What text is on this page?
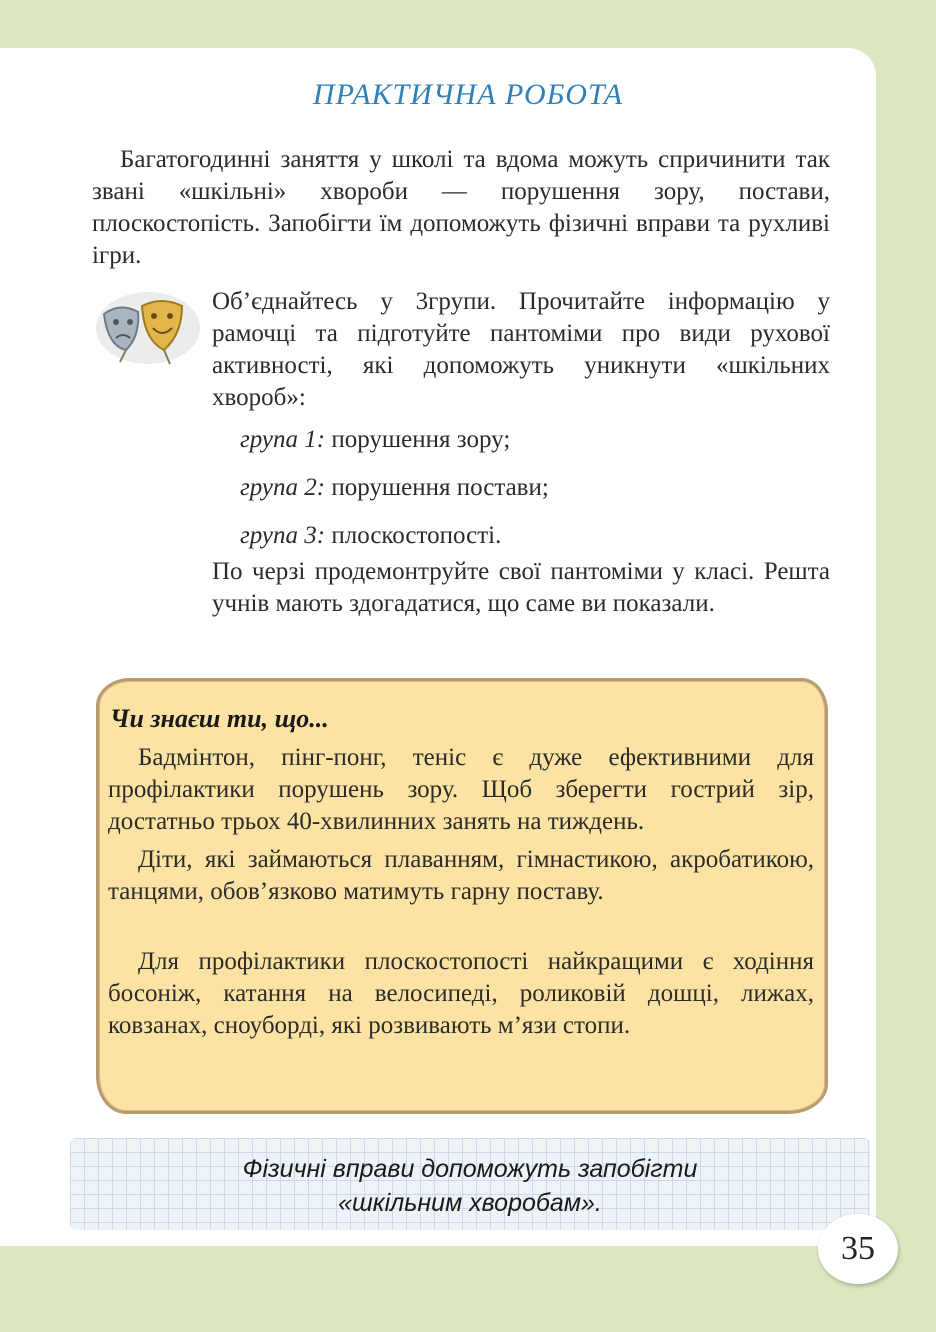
ПРАКТИЧНА РОБОТА

Багатогодинні заняття у школі та вдома можуть спричинити так звані «шкільні» хвороби — порушення зору, постави, плоскостопість. Запобігти їм допоможуть фізичні вправи та рухливі ігри.

Об’єднайтесь у 3групи. Прочитайте інформацію у рамочці та підготуйте пантоміми про види рухової активності, які допоможуть уникнути «шкільних хвороб»:

група 1: порушення зору;
група 2: порушення постави;
група 3: плоскостопості.

По черзі продемонтруйте свої пантоміми у класі. Решта учнів мають здогадатися, що саме ви показали.

Чи знаєш ти, що...

Бадмінтон, пінг-понг, теніс є дуже ефективними для профілактики порушень зору. Щоб зберегти гострий зір, достатньо трьох 40-хвилинних занять на тиждень.

Діти, які займаються плаванням, гімнастикою, акробатикою, танцями, обов’язково матимуть гарну поставу.

Для профілактики плоскостопості найкращими є ходіння босоніж, катання на велосипеді, роликовій дошці, лижах, ковзанах, сноуборді, які розвивають м’язи стопи.

Фізичні вправи допоможуть запобігти
«шкільним хворобам».
35
